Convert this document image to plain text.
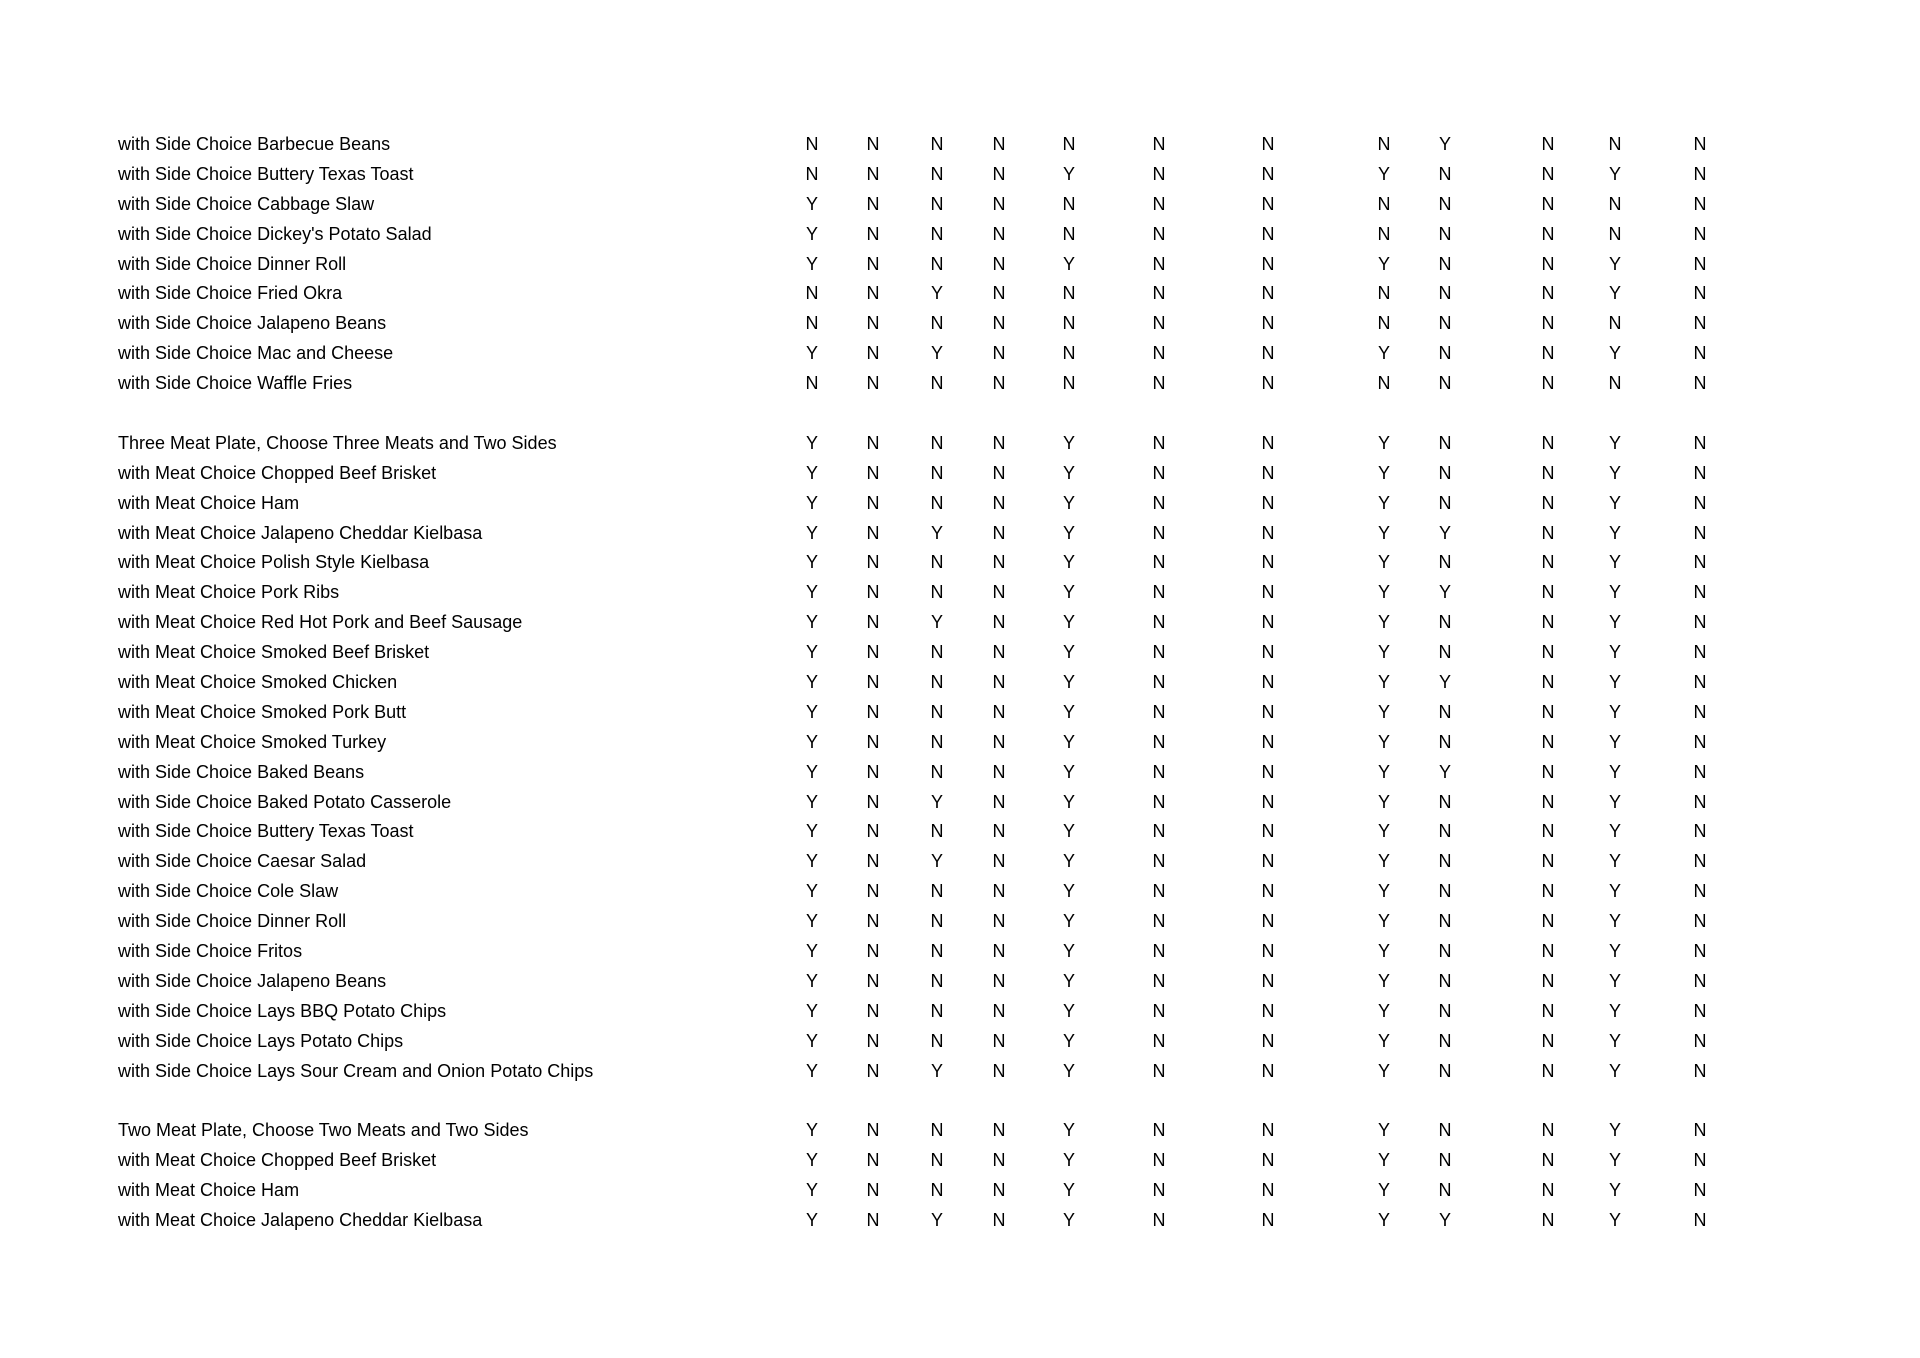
with Side Choice Barbecue Beans	N	N	N	N	N	N	N	N	Y	N	N	N
with Side Choice Buttery Texas Toast	N	N	N	N	Y	N	N	Y	N	N	Y	N
with Side Choice Cabbage Slaw	Y	N	N	N	N	N	N	N	N	N	N	N
with Side Choice Dickey's Potato Salad	Y	N	N	N	N	N	N	N	N	N	N	N
with Side Choice Dinner Roll	Y	N	N	N	Y	N	N	Y	N	N	Y	N
with Side Choice Fried Okra	N	N	Y	N	N	N	N	N	N	N	Y	N
with Side Choice Jalapeno Beans	N	N	N	N	N	N	N	N	N	N	N	N
with Side Choice Mac and Cheese	Y	N	Y	N	N	N	N	Y	N	N	Y	N
with Side Choice Waffle Fries	N	N	N	N	N	N	N	N	N	N	N	N
Three Meat Plate, Choose Three Meats and Two Sides	Y	N	N	N	Y	N	N	Y	N	N	Y	N
with Meat Choice Chopped Beef Brisket	Y	N	N	N	Y	N	N	Y	N	N	Y	N
with Meat Choice Ham	Y	N	N	N	Y	N	N	Y	N	N	Y	N
with Meat Choice Jalapeno Cheddar Kielbasa	Y	N	Y	N	Y	N	N	Y	Y	N	Y	N
with Meat Choice Polish Style Kielbasa	Y	N	N	N	Y	N	N	Y	N	N	Y	N
with Meat Choice Pork Ribs	Y	N	N	N	Y	N	N	Y	Y	N	Y	N
with Meat Choice Red Hot Pork and Beef Sausage	Y	N	Y	N	Y	N	N	Y	N	N	Y	N
with Meat Choice Smoked Beef Brisket	Y	N	N	N	Y	N	N	Y	N	N	Y	N
with Meat Choice Smoked Chicken	Y	N	N	N	Y	N	N	Y	Y	N	Y	N
with Meat Choice Smoked Pork Butt	Y	N	N	N	Y	N	N	Y	N	N	Y	N
with Meat Choice Smoked Turkey	Y	N	N	N	Y	N	N	Y	N	N	Y	N
with Side Choice Baked Beans	Y	N	N	N	Y	N	N	Y	Y	N	Y	N
with Side Choice Baked Potato Casserole	Y	N	Y	N	Y	N	N	Y	N	N	Y	N
with Side Choice Buttery Texas Toast	Y	N	N	N	Y	N	N	Y	N	N	Y	N
with Side Choice Caesar Salad	Y	N	Y	N	Y	N	N	Y	N	N	Y	N
with Side Choice Cole Slaw	Y	N	N	N	Y	N	N	Y	N	N	Y	N
with Side Choice Dinner Roll	Y	N	N	N	Y	N	N	Y	N	N	Y	N
with Side Choice Fritos	Y	N	N	N	Y	N	N	Y	N	N	Y	N
with Side Choice Jalapeno Beans	Y	N	N	N	Y	N	N	Y	N	N	Y	N
with Side Choice Lays BBQ Potato Chips	Y	N	N	N	Y	N	N	Y	N	N	Y	N
with Side Choice Lays Potato Chips	Y	N	N	N	Y	N	N	Y	N	N	Y	N
with Side Choice Lays Sour Cream and Onion Potato Chips	Y	N	Y	N	Y	N	N	Y	N	N	Y	N
Two Meat Plate, Choose Two Meats and Two Sides	Y	N	N	N	Y	N	N	Y	N	N	Y	N
with Meat Choice Chopped Beef Brisket	Y	N	N	N	Y	N	N	Y	N	N	Y	N
with Meat Choice Ham	Y	N	N	N	Y	N	N	Y	N	N	Y	N
with Meat Choice Jalapeno Cheddar Kielbasa	Y	N	Y	N	Y	N	N	Y	Y	N	Y	N
